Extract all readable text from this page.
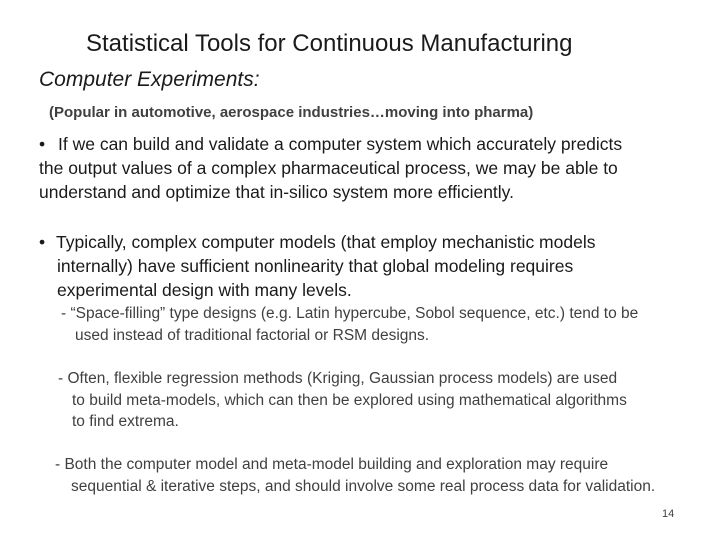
Statistical Tools for Continuous Manufacturing
Computer Experiments:
(Popular in automotive, aerospace industries…moving into pharma)
• If we can build and validate a computer system which accurately predicts
the output values of a complex pharmaceutical process, we may be able to
understand and optimize that in-silico system more efficiently.
• Typically, complex computer models (that employ mechanistic models
internally) have sufficient nonlinearity that global modeling requires
experimental design with many levels.
- “Space-filling” type designs (e.g. Latin hypercube, Sobol sequence, etc.) tend to be
used instead of traditional factorial or RSM designs.
- Often, flexible regression methods (Kriging, Gaussian process models) are used
to build meta-models, which can then be explored using mathematical algorithms
to find extrema.
- Both the computer model and meta-model building and exploration may require
sequential & iterative steps, and should involve some real process data for validation.
14
